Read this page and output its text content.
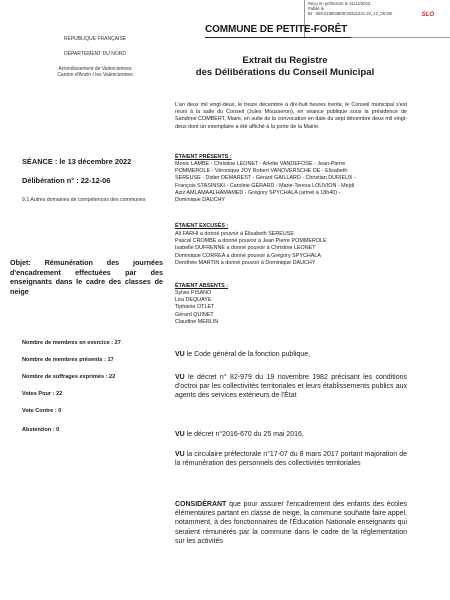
Reçu en préfecture le 21/12/2022
Publié le
ID : 059-215904809-20221221-22_12_06-DE	SLO
RÉPUBLIQUE FRANÇAISE
DÉPARTEMENT DU NORD
Arrondissement de Valenciennes
Canton d'Anzin / les Valenciennes
COMMUNE DE PETITE-FORÊT
Extrait du Registre
des Délibérations du Conseil Municipal
SÉANCE : le 13 décembre 2022
Délibération n° : 22-12-06
9.1 Autres domaines de compétences des communes
Objet: Rémunération des journées d'encadrement effectuées par des enseignants dans le cadre des classes de neige
Nombre de membres en exercice : 27
Nombre de membres présents : 17
Nombre de suffrages exprimés : 22
Votes Pour : 22
Vote Contre : 0
Abstention : 0
L'an deux mil vingt-deux, le treize décembre à dix-huit heures trente, le Conseil municipal s'est réuni à la salle du Conseil (Jules Mousseron), en séance publique sous la présidence de Sandrine COMBERT, Maire, en suite de la convocation en date du sept décembre deux mil vingt-deux dont un exemplaire a été affiché à la porte de la Mairie.
ÉTAIENT PRÉSENTS :
Monic LAMBE - Christine LEONET - Arlette VANDEFOSE - Jean-Pierre
POMMEROLE - Véronique JOY Robert VANOVERSCHE DE - Elisabeth
SEREUSE - Didier DEMAREST - Gérard GAILLARD - Christian DURIEUX -
François STASINSKI - Caroline GÉRARD - Marie-Teresa LOUVION - Mejdi
Aziz AMLAMAALHAMAMED - Grégory SPYCHALA (arrivé à 18h40) -
Dominique DAUCHY
ÉTAIENT EXCUSÉS :
Ali FARHI a donné pouvoir à Élisabeth SEREUSE
Pascal CROMBE a donné pouvoir à Jean Pierre POMMEROLE
Isabelle DUFRENNE a donné pouvoir à Christine LEONET
Dominique CORREA a donné pouvoir à Grégory SPYCHALA
Dorothée MARTIN a donné pouvoir à Dominique DAUCHY
ÉTAIENT ABSENTS :
Sylvie PISANO
Léa DEQUAYE
Tiphanie OTLET
Gérard QUINET
Claudine MERLIN
VU le Code général de la fonction publique,
VU le décret n° 82-979 du 19 novembre 1982 précisant les conditions d'octroi par les collectivités territoriales et leurs établissements publics aux agents des services extérieurs de l'État
VU le décret n°2016-670 du 25 mai 2016,
VU la circulaire préfectorale n°17-07 du 8 mars 2017 portant majoration de la rémunération des personnels des collectivités territoriales
CONSIDÉRANT que pour assurer l'encadrement des enfants des écoles élémentaires partant en classe de neige, la commune souhaite faire appel, notamment, à des fonctionnaires de l'Éducation Nationale enseignants qui seraient rémunérés par la commune dans le cadre de la réglementation sur les activités
